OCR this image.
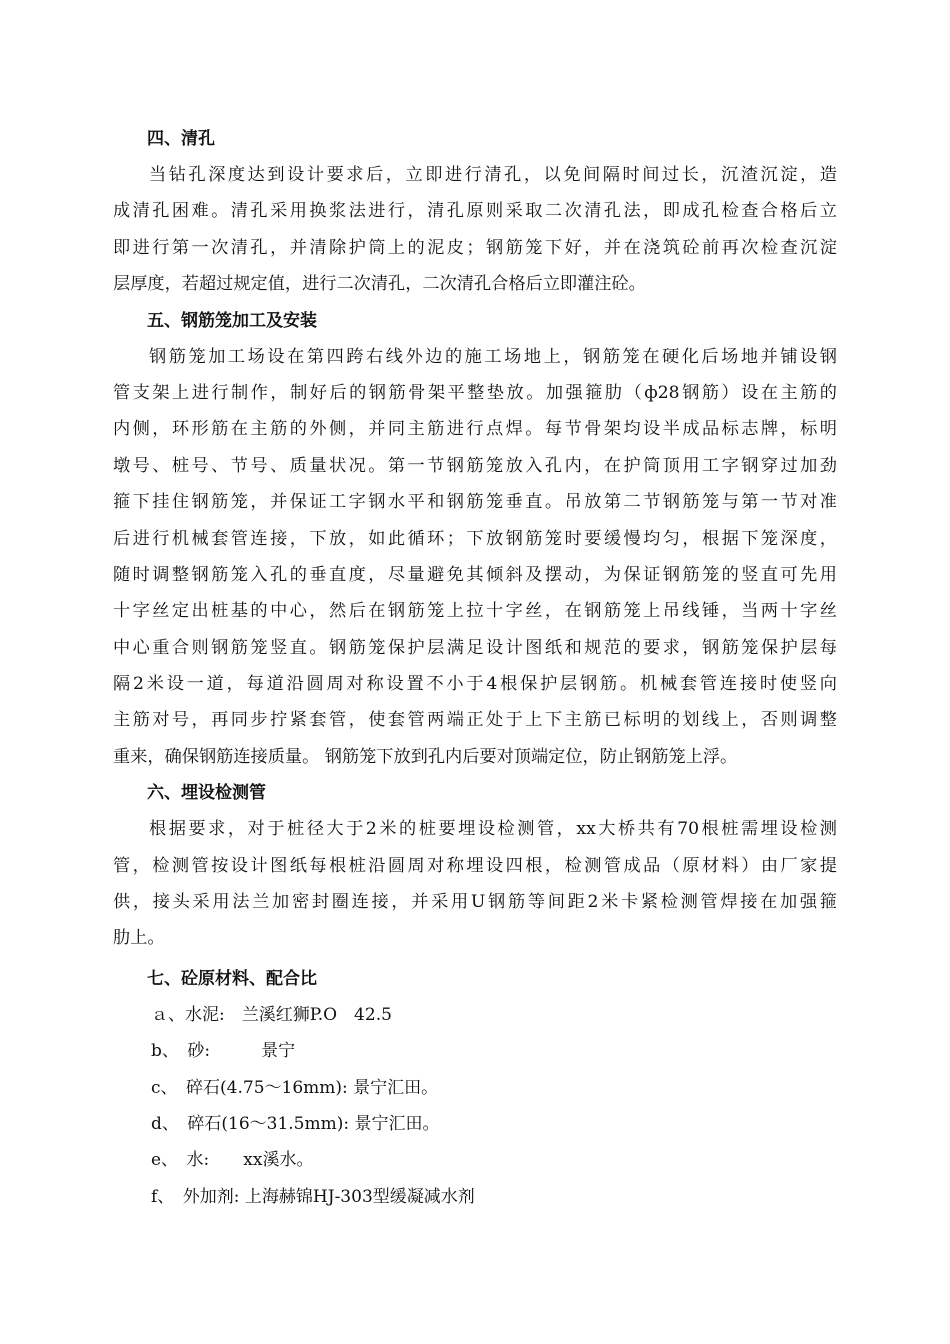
四、清孔
当钻孔深度达到设计要求后，立即进行清孔，以免间隔时间过长，沉渣沉淀，造
成清孔困难。清孔采用换浆法进行，清孔原则采取二次清孔法，即成孔检查合格后立
即进行第一次清孔，并清除护筒上的泥皮；钢筋笼下好，并在浇筑砼前再次检查沉淀
层厚度，若超过规定值，进行二次清孔，二次清孔合格后立即灌注砼。
五、钢筋笼加工及安装
钢筋笼加工场设在第四跨右线外边的施工场地上，钢筋笼在硬化后场地并铺设钢
管支架上进行制作，制好后的钢筋骨架平整垫放。加强箍肋（ф28钢筋）设在主筋的
内侧，环形筋在主筋的外侧，并同主筋进行点焊。每节骨架均设半成品标志牌，标明
墩号、桩号、节号、质量状况。第一节钢筋笼放入孔内，在护筒顶用工字钢穿过加劲
箍下挂住钢筋笼，并保证工字钢水平和钢筋笼垂直。吊放第二节钢筋笼与第一节对准
后进行机械套管连接，下放，如此循环；下放钢筋笼时要缓慢均匀，根据下笼深度，
随时调整钢筋笼入孔的垂直度，尽量避免其倾斜及摆动，为保证钢筋笼的竖直可先用
十字丝定出桩基的中心，然后在钢筋笼上拉十字丝，在钢筋笼上吊线锤，当两十字丝
中心重合则钢筋笼竖直。钢筋笼保护层满足设计图纸和规范的要求，钢筋笼保护层每
隔2米设一道，每道沿圆周对称设置不小于4根保护层钢筋。机械套管连接时使竖向
主筋对号，再同步拧紧套管，使套管两端正处于上下主筋已标明的划线上，否则调整
重来，确保钢筋连接质量。 钢筋笼下放到孔内后要对顶端定位，防止钢筋笼上浮。
六、埋设检测管
根据要求，对于桩径大于2米的桩要埋设检测管，xx大桥共有70根桩需埋设检测
管，检测管按设计图纸每根桩沿圆周对称埋设四根，检测管成品（原材料）由厂家提
供，接头采用法兰加密封圈连接，并采用U钢筋等间距2米卡紧检测管焊接在加强箍
肋上。
七、砼原材料、配合比
ａ、水泥:　兰溪红狮P.O　42.5
b、　砂:　　　景宁
c、　碎石(4.75～16mm): 景宁汇田。
d、　碎石(16～31.5mm): 景宁汇田。
e、　水:　　xx溪水。
f、　外加剂: 上海赫锦HJ-303型缓凝减水剂
